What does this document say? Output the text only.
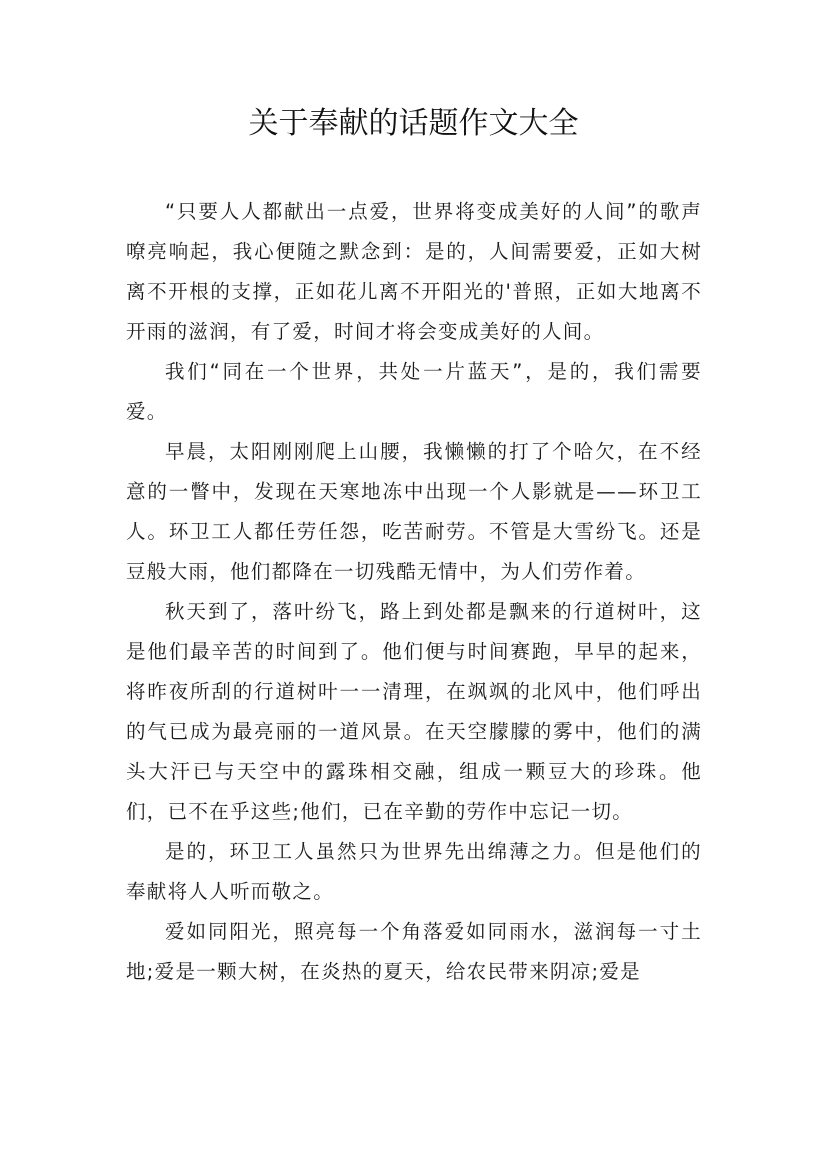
关于奉献的话题作文大全

“只要人人都献出一点爱，世界将变成美好的人间”的歌声嘹亮响起，我心便随之默念到：是的，人间需要爱，正如大树离不开根的支撑，正如花儿离不开阳光的'普照，正如大地离不开雨的滋润，有了爱，时间才将会变成美好的人间。

我们“同在一个世界，共处一片蓝天”，是的，我们需要爱。

早晨，太阳刚刚爬上山腰，我懒懒的打了个哈欠，在不经意的一瞥中，发现在天寒地冻中出现一个人影就是——环卫工人。环卫工人都任劳任怨，吃苦耐劳。不管是大雪纷飞。还是豆般大雨，他们都降在一切残酷无情中，为人们劳作着。

秋天到了，落叶纷飞，路上到处都是飘来的行道树叶，这是他们最辛苦的时间到了。他们便与时间赛跑，早早的起来，将昨夜所刮的行道树叶一一清理，在飒飒的北风中，他们呼出的气已成为最亮丽的一道风景。在天空朦朦的雾中，他们的满头大汗已与天空中的露珠相交融，组成一颗豆大的珍珠。他们，已不在乎这些;他们，已在辛勤的劳作中忘记一切。

是的，环卫工人虽然只为世界先出绵薄之力。但是他们的奉献将人人听而敬之。

爱如同阳光，照亮每一个角落爱如同雨水，滋润每一寸土地;爱是一颗大树，在炎热的夏天，给农民带来阴凉;爱是
